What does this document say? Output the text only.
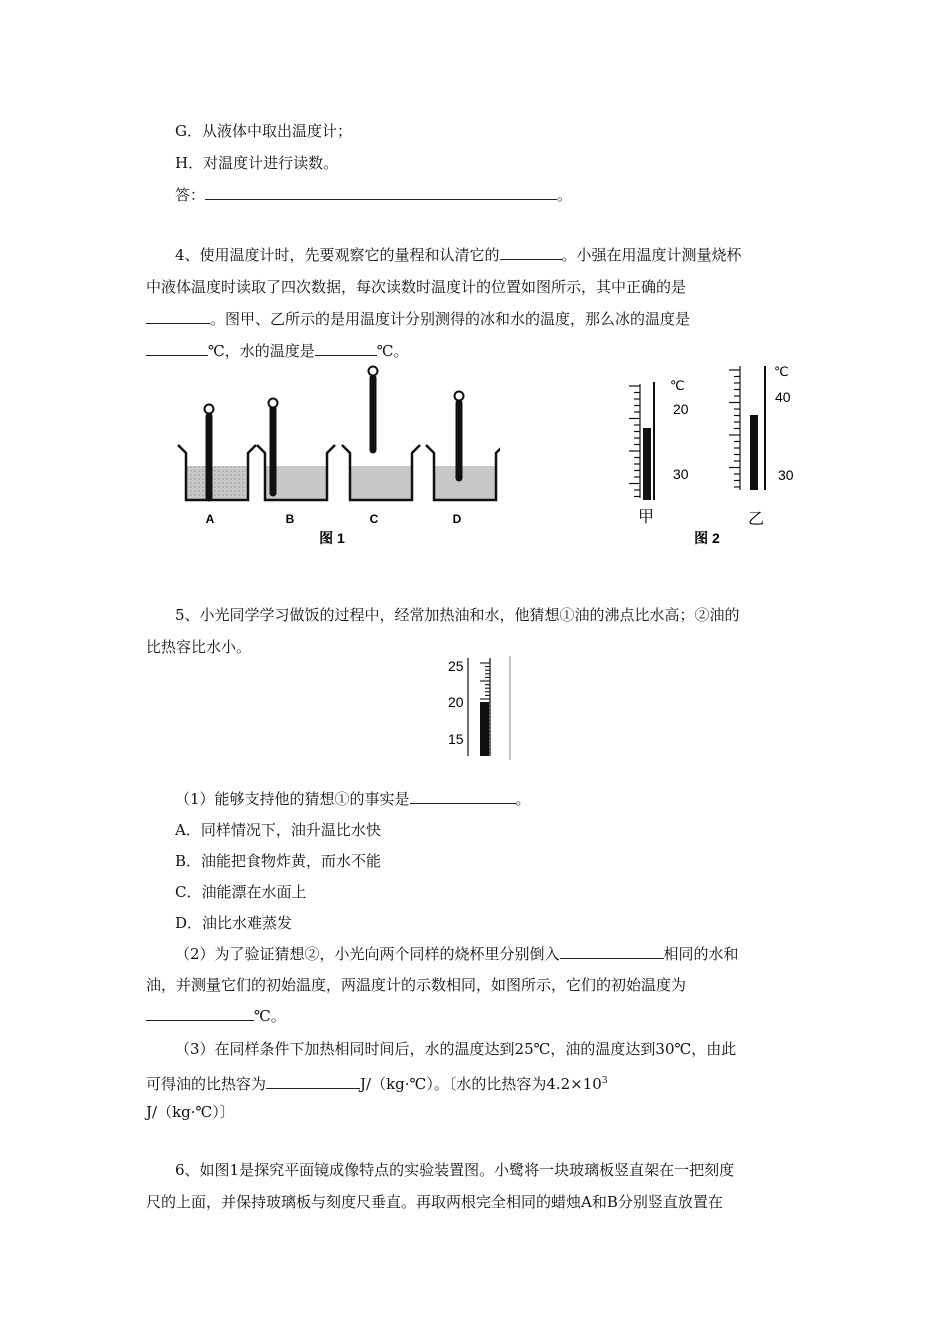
G．从液体中取出温度计；
H．对温度计进行读数。
答：	。
4、使用温度计时，先要观察它的量程和认清它的	。小强在用温度计测量烧杯
中液体温度时读取了四次数据，每次读数时温度计的位置如图所示，其中正确的是
。图甲、乙所示的是用温度计分别测得的冰和水的温度，那么冰的温度是
℃，水的温度是	℃。
A	B	C	D
图 1
℃
20
30
甲
℃
40
30
乙
图 2
5、小光同学学习做饭的过程中，经常加热油和水，他猜想①油的沸点比水高；②油的
比热容比水小。
25
20
15
（1）能够支持他的猜想①的事实是	。
A．同样情况下，油升温比水快
B．油能把食物炸黄，而水不能
C．油能漂在水面上
D．油比水难蒸发
（2）为了验证猜想②，小光向两个同样的烧杯里分别倒入	相同的水和
油，并测量它们的初始温度，两温度计的示数相同，如图所示，它们的初始温度为
℃。
（3）在同样条件下加热相同时间后，水的温度达到25℃，油的温度达到30℃，由此
可得油的比热容为	J/（kg·℃）。〔水的比热容为$4.2\times 10^3$
J/（kg·℃）〕
6、如图1是探究平面镜成像特点的实验装置图。小鹭将一块玻璃板竖直架在一把刻度
尺的上面，并保持玻璃板与刻度尺垂直。再取两根完全相同的蜡烛A和B分别竖直放置在
